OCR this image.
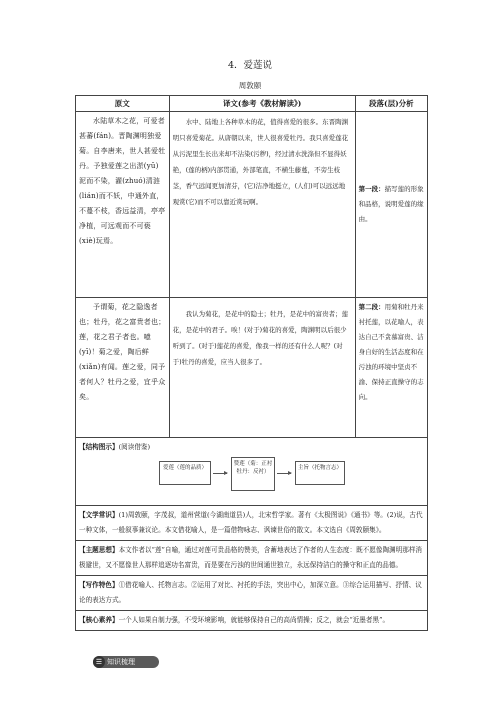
4．爱莲说
周敦颐
原文	译文(参考《教材解读》)	段落(层)分析
水陆草木之花，可爱者甚蕃(fán)。晋陶渊明独爱菊。自李唐来，世人甚爱牡丹。予独爱莲之出淤(yū)泥而不染，濯(zhuó)清涟(lián)而不妖，中通外直，不蔓不枝，香远益清，亭亭净植，可远观而不可亵(xiè)玩焉。	水中、陆地上各种草木的花，值得喜爱的很多。东晋陶渊明只喜爱菊花。从唐朝以来，世人很喜爱牡丹。我只喜爱莲花从污泥里生长出来却不沾染(污秽)，经过清水洗涤但不显得妖艳，(莲的柄)内部贯通，外部笔直，不横生藤蔓，不旁生枝茎，香气远闻更加清芬，(它)洁净地挺立，(人们)可以远远地观赏(它)而不可以靠近赏玩啊。	第一段：描写莲的形象和品格，说明爱莲的缘由。
予谓菊，花之隐逸者也；牡丹，花之富贵者也；莲，花之君子者也。噫(yī)！菊之爱，陶后鲜(xiǎn)有闻。莲之爱，同予者何人？牡丹之爱，宜乎众矣。	我认为菊花，是花中的隐士；牡丹，是花中的富贵者；莲花，是花中的君子。唉！(对于)菊花的喜爱，陶渊明以后很少听到了。(对于)莲花的喜爱，像我一样的还有什么人呢？(对于)牡丹的喜爱，应当人很多了。	第二段：用菊和牡丹来衬托莲，以花喻人，表达自己不贪慕富贵、洁身自好的生活态度和在污浊的环境中坚贞不渝、保持正直操守的志向。
【结构图示】(阅读借鉴)
爱莲（莲的品质）
赞莲（菊：正衬 牡丹：反衬）
主旨（托物言志）		

【文学常识】(1)周敦颐，字茂叔，道州营道(今湖南道县)人，北宋哲学家。著有《太极图说》《通书》等。(2)说，古代一种文体，一般叙事兼议论。本文借花喻人，是一篇借物咏志、讽谏世俗的散文。本文选自《周敦颐集》。		
【主题思想】本文作者以“莲”自喻，通过对莲可贵品格的赞美，含蓄地表达了作者的人生态度：既不愿像陶渊明那样消极避世，又不愿像世人那样追逐功名富贵，而是要在污浊的世间通世独立，永远保持洁白的操守和正直的品德。		
【写作特色】①借花喻人、托物言志。②运用了对比、衬托的手法，突出中心，加深立意。③综合运用描写、抒情、议论的表达方式。		
【核心素养】一个人如果自制力强，不受环境影响，就能够保持自己的高尚情操；反之，就会“近墨者黑”。		
☰ 知识梳理
